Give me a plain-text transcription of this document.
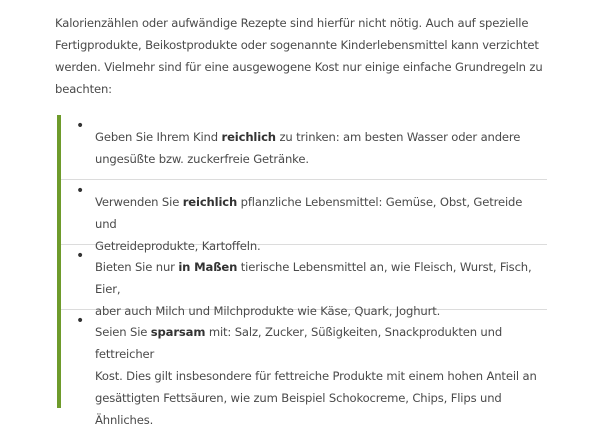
Kalorienzählen oder aufwändige Rezepte sind hierfür nicht nötig. Auch auf spezielle
Fertigprodukte, Beikostprodukte oder sogenannte Kinderlebensmittel kann verzichtet
werden. Vielmehr sind für eine ausgewogene Kost nur einige einfache Grundregeln zu
beachten:

•
Geben Sie Ihrem Kind reichlich zu trinken: am besten Wasser oder andere
ungesüßte bzw. zuckerfreie Getränke.
•
Verwenden Sie reichlich pflanzliche Lebensmittel: Gemüse, Obst, Getreide und
Getreideprodukte, Kartoffeln.
•
Bieten Sie nur in Maßen tierische Lebensmittel an, wie Fleisch, Wurst, Fisch, Eier,
aber auch Milch und Milchprodukte wie Käse, Quark, Joghurt.
•
Seien Sie sparsam mit: Salz, Zucker, Süßigkeiten, Snackprodukten und fettreicher
Kost. Dies gilt insbesondere für fettreiche Produkte mit einem hohen Anteil an
gesättigten Fettsäuren, wie zum Beispiel Schokocreme, Chips, Flips und Ähnliches.
